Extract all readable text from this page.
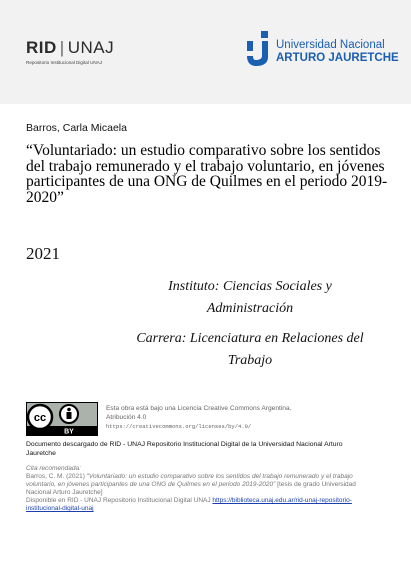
RID | UNAJ
Repositorio Institucional Digital UNAJ
Universidad Nacional
ARTURO JAURETCHE
Barros, Carla Micaela
“Voluntariado: un estudio comparativo sobre los sentidos del trabajo remunerado y el trabajo voluntario, en jóvenes participantes de una ONG de Quilmes en el periodo 2019-2020”
2021
Instituto: Ciencias Sociales y
Administración
Carrera: Licenciatura en Relaciones del
Trabajo
cc
BY
Esta obra está bajo una Licencia Creative Commons Argentina.
Atribución 4.0
https://creativecommons.org/licenses/by/4.0/
Documento descargado de RID - UNAJ Repositorio Institucional Digital de la Universidad Nacional Arturo Jauretche
Cita recomendada:
Barros, C. M. (2021) “Voluntariado: un estudio comparativo sobre los sentidos del trabajo remunerado y el trabajo voluntario, en jóvenes participantes de una ONG de Quilmes en el periodo 2019-2020” [tesis de grado Universidad Nacional Arturo Jauretche]
Disponible en RID - UNAJ Repositorio Institucional Digital UNAJ https://biblioteca.unaj.edu.ar/rid-unaj-repositorio-institucional-digital-unaj
